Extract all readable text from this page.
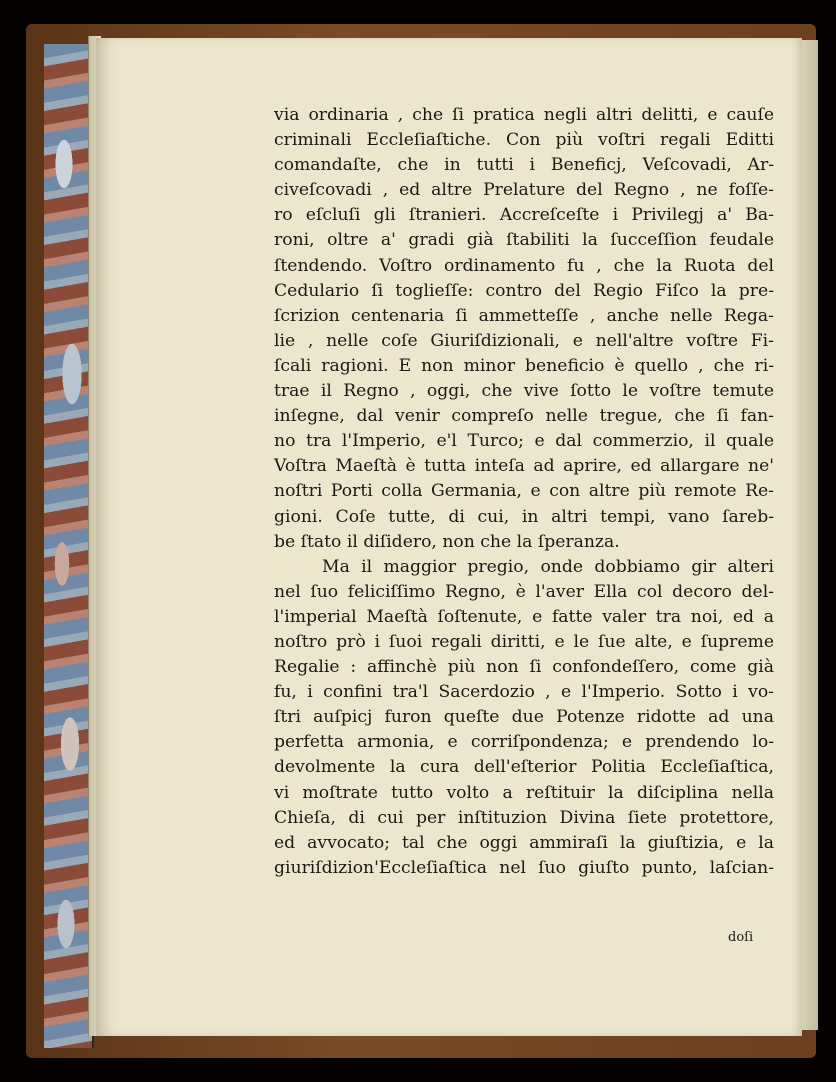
via ordinaria , che ſi pratica negli altri delitti, e cauſe
criminali Eccleſiaſtiche. Con più voſtri regali Editti
comandaſte, che in tutti i Beneficj, Veſcovadi, Ar-
civeſcovadi , ed altre Prelature del Regno , ne foſſe-
ro eſcluſi gli ſtranieri. Accreſceſte i Privilegj a' Ba-
roni, oltre a' gradi già ſtabiliti la ſucceſſion feudale
ſtendendo. Voſtro ordinamento fu , che la Ruota del
Cedulario ſi toglieſſe: contro del Regio Fiſco la pre-
ſcrizion centenaria ſi ammetteſſe , anche nelle Rega-
lie , nelle coſe Giuriſdizionali, e nell'altre voſtre Fi-
ſcali ragioni. E non minor beneficio è quello , che ri-
trae il Regno , oggi, che vive ſotto le voſtre temute
inſegne, dal venir compreſo nelle tregue, che ſi fan-
no tra l'Imperio, e'l Turco; e dal commerzio, il quale
Voſtra Maeſtà è tutta inteſa ad aprire, ed allargare ne'
noſtri Porti colla Germania, e con altre più remote Re-
gioni. Coſe tutte, di cui, in altri tempi, vano ſareb-
be ſtato il diſidero, non che la ſperanza.
Ma il maggior pregio, onde dobbiamo gir alteri
nel ſuo feliciſſimo Regno, è l'aver Ella col decoro del-
l'imperial Maeſtà ſoſtenute, e fatte valer tra noi, ed a
noſtro prò i ſuoi regali diritti, e le ſue alte, e ſupreme
Regalie : affinchè più non ſi confondeſſero, come già
fu, i confini tra'l Sacerdozio , e l'Imperio. Sotto i vo-
ſtri auſpicj furon queſte due Potenze ridotte ad una
perfetta armonia, e corriſpondenza; e prendendo lo-
devolmente la cura dell'eſterior Politia Eccleſiaſtica,
vi moſtrate tutto volto a reſtituir la diſciplina nella
Chieſa, di cui per inſtituzion Divina ſiete protettore,
ed avvocato; tal che oggi ammiraſi la giuſtizia, e la
giuriſdizion'Eccleſiaſtica nel ſuo giuſto punto, laſcian-
doſi
